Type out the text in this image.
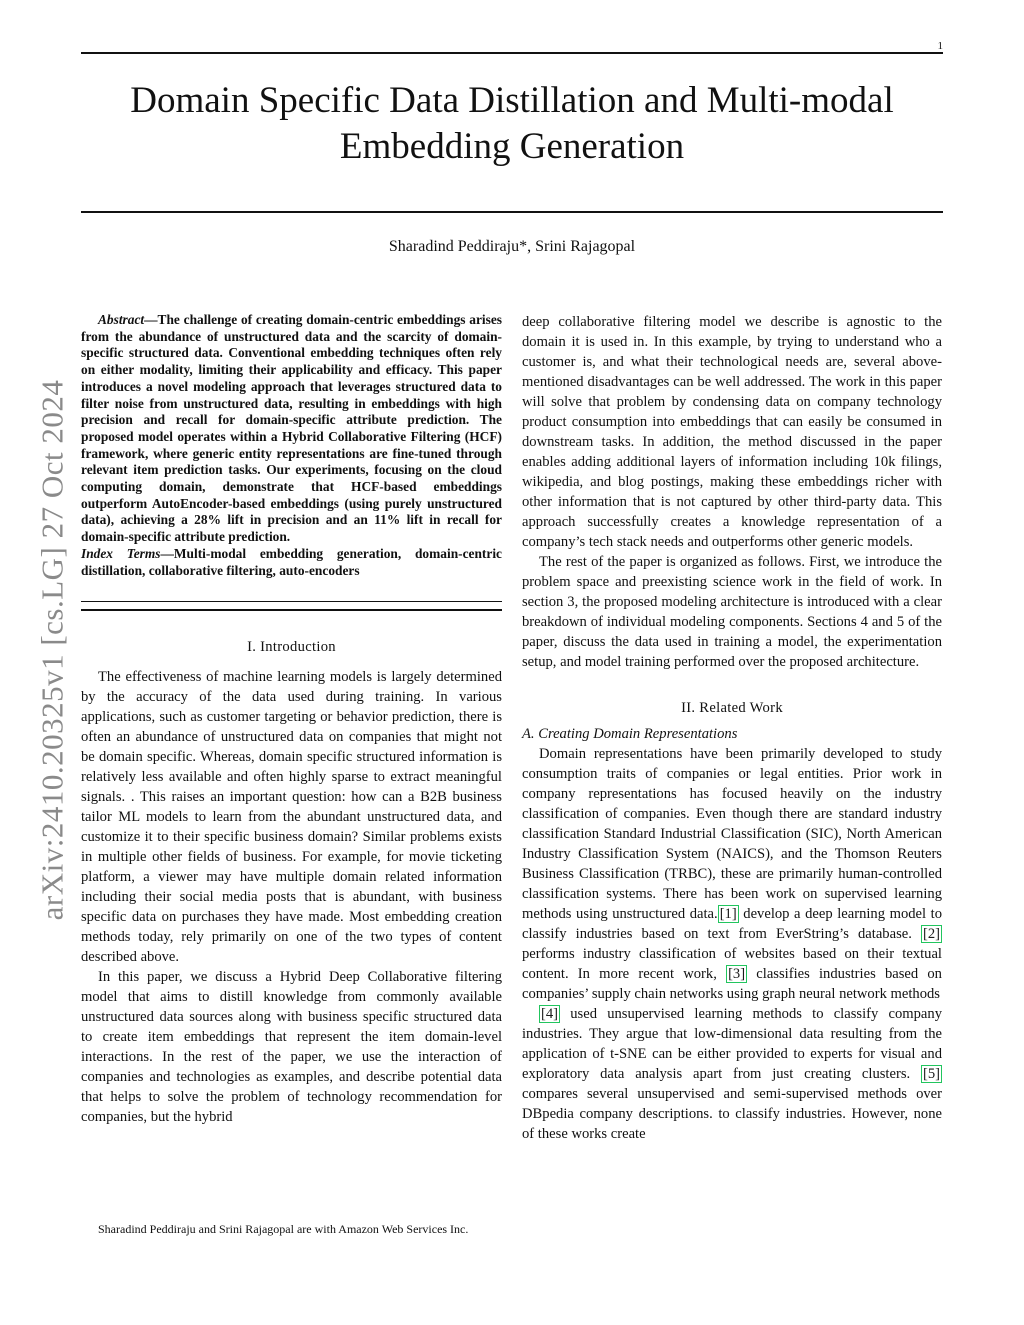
1
Domain Specific Data Distillation and Multi-modal Embedding Generation
Sharadind Peddiraju*, Srini Rajagopal
arXiv:2410.20325v1 [cs.LG] 27 Oct 2024

Abstract—The challenge of creating domain-centric embeddings arises from the abundance of unstructured data and the scarcity of domain-specific structured data. Conventional embedding techniques often rely on either modality, limiting their applicability and efficacy. This paper introduces a novel modeling approach that leverages structured data to filter noise from unstructured data, resulting in embeddings with high precision and recall for domain-specific attribute prediction. The proposed model operates within a Hybrid Collaborative Filtering (HCF) framework, where generic entity representations are fine-tuned through relevant item prediction tasks. Our experiments, focusing on the cloud computing domain, demonstrate that HCF-based embeddings outperform AutoEncoder-based embeddings (using purely unstructured data), achieving a 28% lift in precision and an 11% lift in recall for domain-specific attribute prediction.

Index Terms—Multi-modal embedding generation, domain-centric distillation, collaborative filtering, auto-encoders

I. Introduction

The effectiveness of machine learning models is largely determined by the accuracy of the data used during training. In various applications, such as customer targeting or behavior prediction, there is often an abundance of unstructured data on companies that might not be domain specific. Whereas, domain specific structured information is relatively less available and often highly sparse to extract meaningful signals. . This raises an important question: how can a B2B business tailor ML models to learn from the abundant unstructured data, and customize it to their specific business domain? Similar problems exists in multiple other fields of business. For example, for movie ticketing platform, a viewer may have multiple domain related information including their social media posts that is abundant, with business specific data on purchases they have made. Most embedding creation methods today, rely primarily on one of the two types of content described above.

In this paper, we discuss a Hybrid Deep Collaborative filtering model that aims to distill knowledge from commonly available unstructured data sources along with business specific structured data to create item embeddings that represent the item domain-level interactions. In the rest of the paper, we use the interaction of companies and technologies as examples, and describe potential data that helps to solve the problem of technology recommendation for companies, but the hybrid

deep collaborative filtering model we describe is agnostic to the domain it is used in. In this example, by trying to understand who a customer is, and what their technological needs are, several above-mentioned disadvantages can be well addressed. The work in this paper will solve that problem by condensing data on company technology product consumption into embeddings that can easily be consumed in downstream tasks. In addition, the method discussed in the paper enables adding additional layers of information including 10k filings, wikipedia, and blog postings, making these embeddings richer with other information that is not captured by other third-party data. This approach successfully creates a knowledge representation of a company’s tech stack needs and outperforms other generic models.

The rest of the paper is organized as follows. First, we introduce the problem space and preexisting science work in the field of work. In section 3, the proposed modeling architecture is introduced with a clear breakdown of individual modeling components. Sections 4 and 5 of the paper, discuss the data used in training a model, the experimentation setup, and model training performed over the proposed architecture.

II. Related Work

A. Creating Domain Representations

Domain representations have been primarily developed to study consumption traits of companies or legal entities. Prior work in company representations has focused heavily on the industry classification of companies. Even though there are standard industry classification Standard Industrial Classification (SIC), North American Industry Classification System (NAICS), and the Thomson Reuters Business Classification (TRBC), these are primarily human-controlled classification systems. There has been work on supervised learning methods using unstructured data. [1] develop a deep learning model to classify industries based on text from EverString’s database. [2] performs industry classification of websites based on their textual content. In more recent work, [3] classifies industries based on companies’ supply chain networks using graph neural network methods

[4] used unsupervised learning methods to classify company industries. They argue that low-dimensional data resulting from the application of t-SNE can be either provided to experts for visual and exploratory data analysis apart from just creating clusters. [5] compares several unsupervised and semi-supervised methods over DBpedia company descriptions. to classify industries. However, none of these works create

Sharadind Peddiraju and Srini Rajagopal are with Amazon Web Services Inc.
